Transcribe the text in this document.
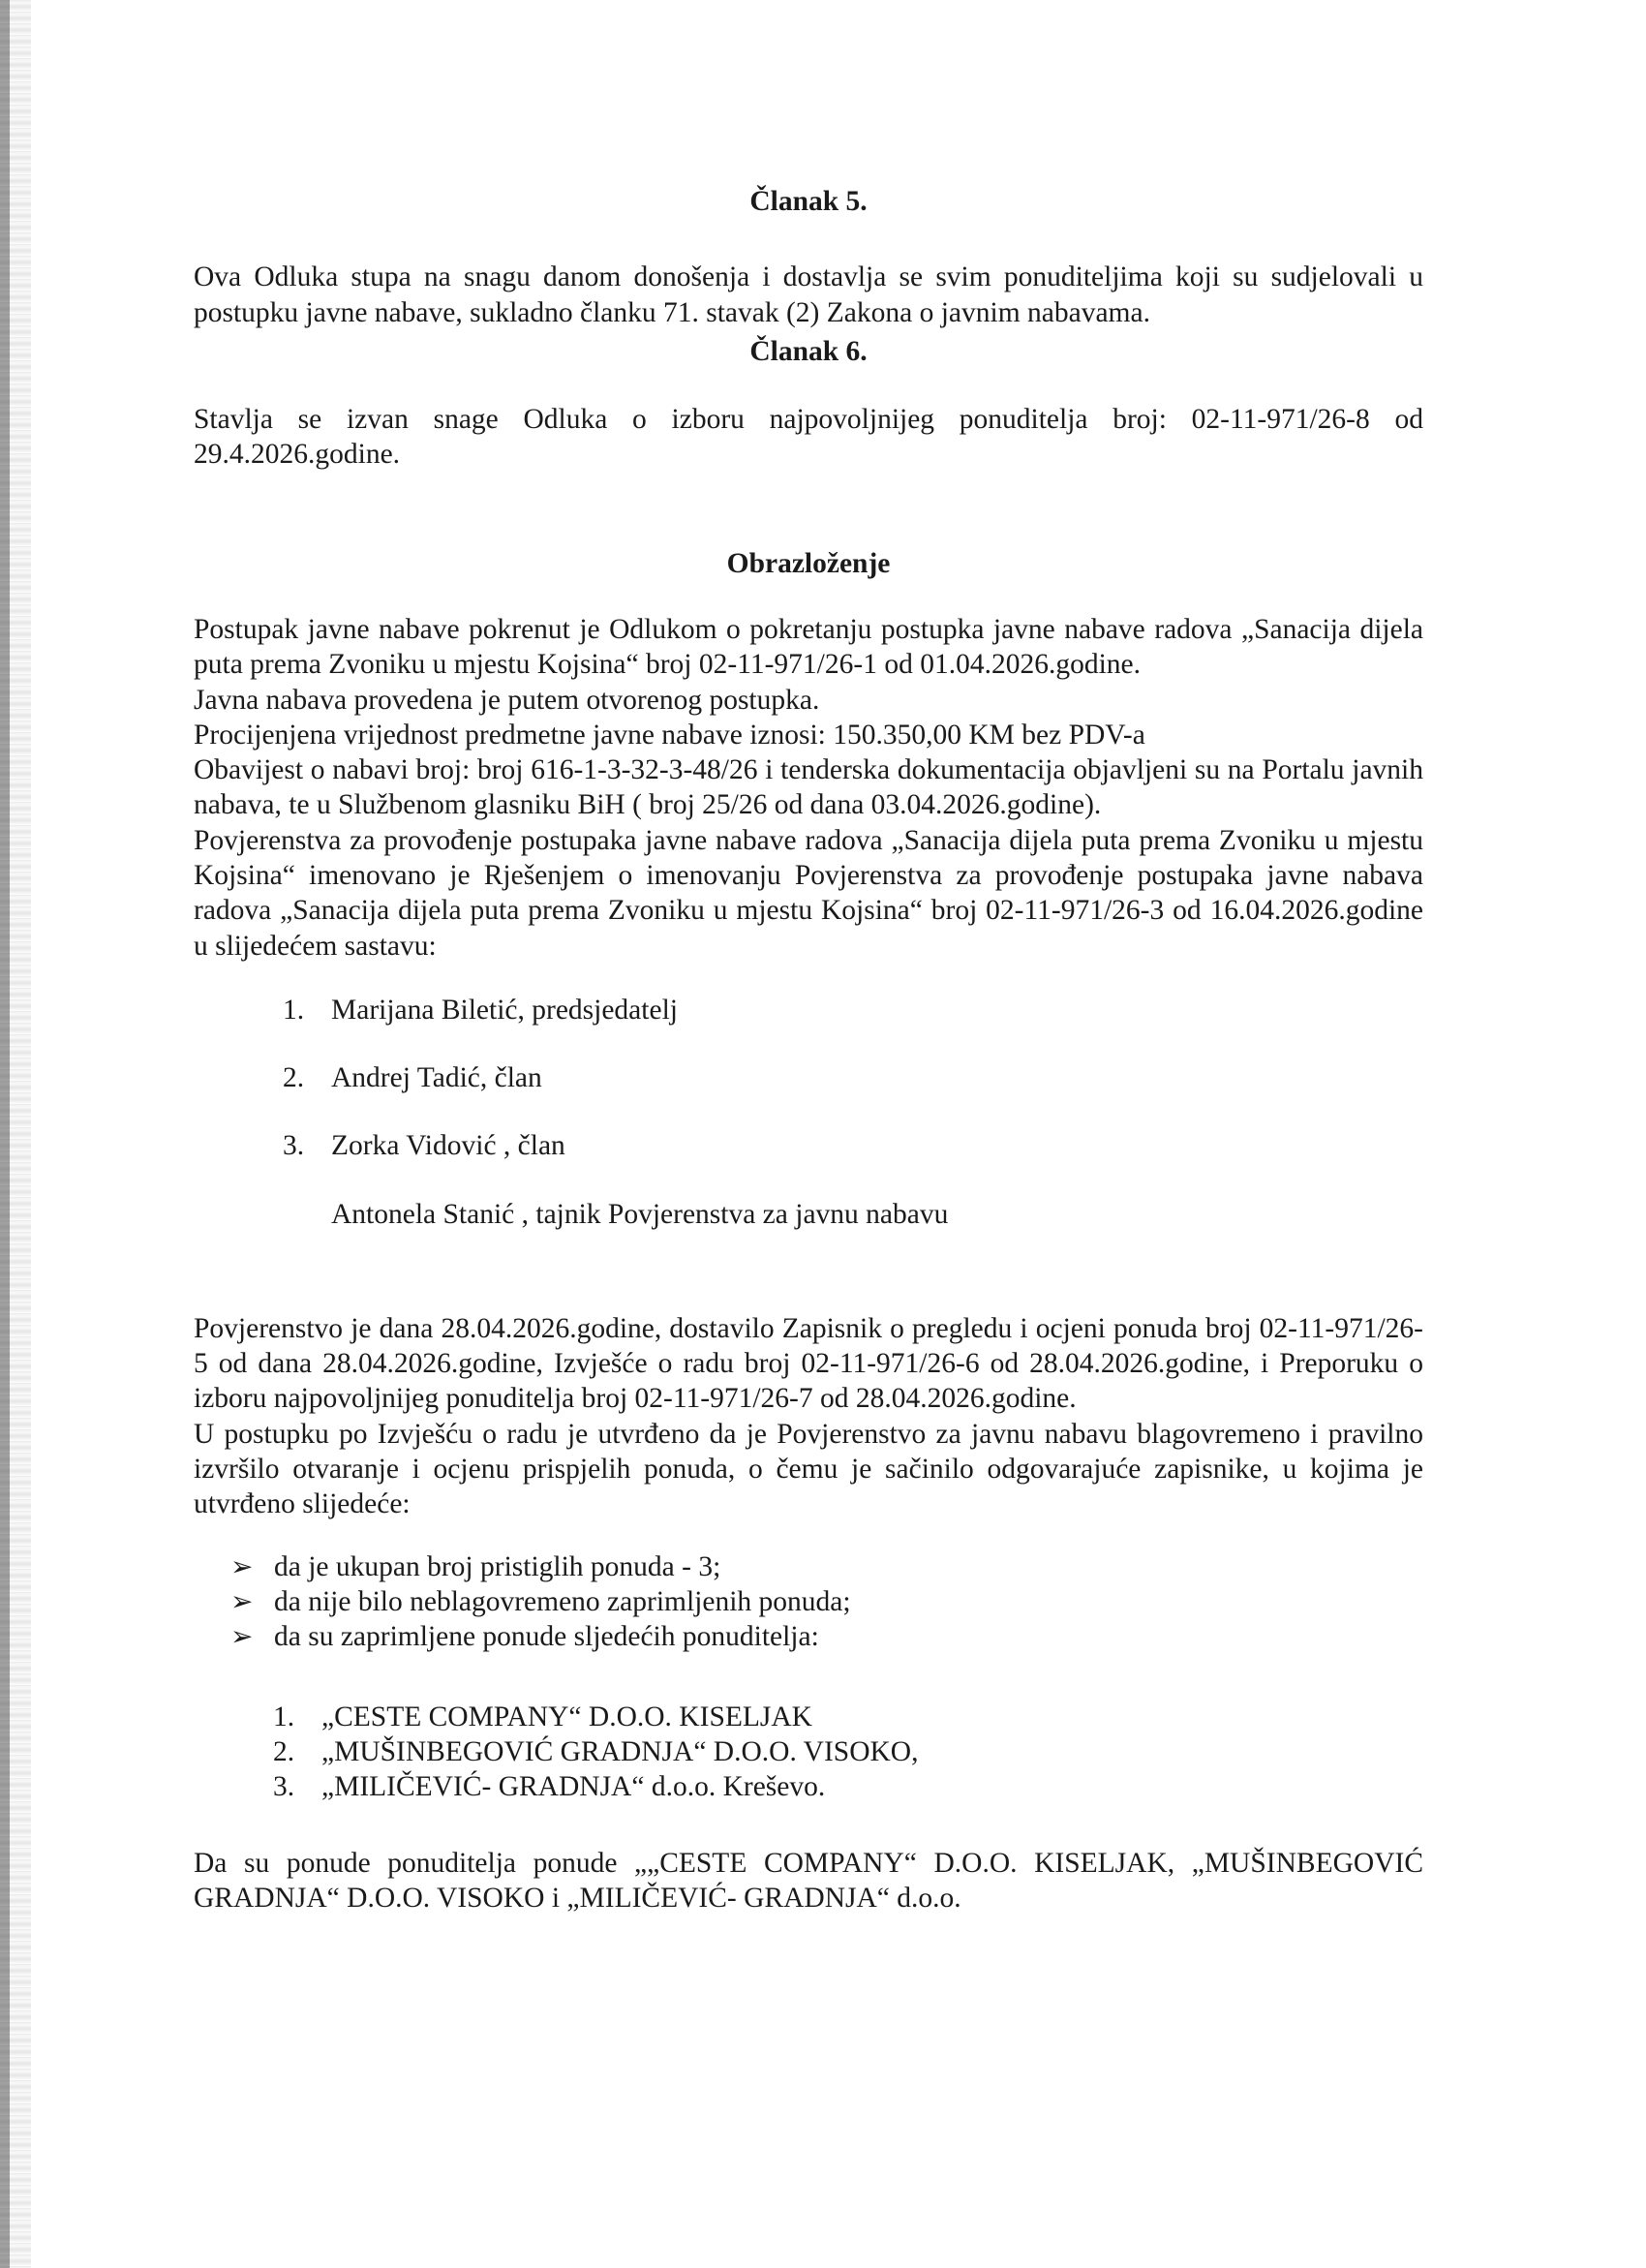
Članak 5.

Ova Odluka stupa na snagu danom donošenja i dostavlja se svim ponuditeljima koji su sudjelovali u postupku javne nabave, sukladno članku 71. stavak (2) Zakona o javnim nabavama.

Članak 6.

Stavlja se izvan snage Odluka o izboru najpovoljnijeg ponuditelja broj: 02-11-971/26-8 od 29.4.2026.godine.

Obrazloženje

Postupak javne nabave pokrenut je Odlukom o pokretanju postupka javne nabave radova „Sanacija dijela puta prema Zvoniku u mjestu Kojsina“ broj 02-11-971/26-1 od 01.04.2026.godine.

Javna nabava provedena je putem otvorenog postupka.

Procijenjena vrijednost predmetne javne nabave iznosi: 150.350,00 KM bez PDV-a

Obavijest o nabavi broj: broj 616-1-3-32-3-48/26 i tenderska dokumentacija objavljeni su na Portalu javnih nabava, te u Službenom glasniku BiH ( broj 25/26 od dana 03.04.2026.godine).

Povjerenstva za provođenje postupaka javne nabave radova „Sanacija dijela puta prema Zvoniku u mjestu Kojsina“ imenovano je Rješenjem o imenovanju Povjerenstva za provođenje postupaka javne nabava radova „Sanacija dijela puta prema Zvoniku u mjestu Kojsina“ broj 02-11-971/26-3 od 16.04.2026.godine u slijedećem sastavu:

1. Marijana Biletić, predsjedatelj
2. Andrej Tadić, član
3. Zorka Vidović , član

Antonela Stanić , tajnik Povjerenstva za javnu nabavu

Povjerenstvo je dana 28.04.2026.godine, dostavilo Zapisnik o pregledu i ocjeni ponuda broj 02-11-971/26-5 od dana 28.04.2026.godine, Izvješće o radu broj 02-11-971/26-6 od 28.04.2026.godine, i Preporuku o izboru najpovoljnijeg ponuditelja broj 02-11-971/26-7 od 28.04.2026.godine.

U postupku po Izvješću o radu je utvrđeno da je Povjerenstvo za javnu nabavu blagovremeno i pravilno izvršilo otvaranje i ocjenu prispjelih ponuda, o čemu je sačinilo odgovarajuće zapisnike, u kojima je utvrđeno slijedeće:

➢ da je ukupan broj pristiglih ponuda - 3;
➢ da nije bilo neblagovremeno zaprimljenih ponuda;
➢ da su zaprimljene ponude sljedećih ponuditelja:
1. „CESTE COMPANY“ D.O.O. KISELJAK
2. „MUŠINBEGOVIĆ GRADNJA“ D.O.O. VISOKO,
3. „MILIČEVIĆ- GRADNJA“ d.o.o. Kreševo.

Da su ponude ponuditelja ponude „„CESTE COMPANY“ D.O.O. KISELJAK, „MUŠINBEGOVIĆ GRADNJA“ D.O.O. VISOKO i „MILIČEVIĆ- GRADNJA“ d.o.o.
